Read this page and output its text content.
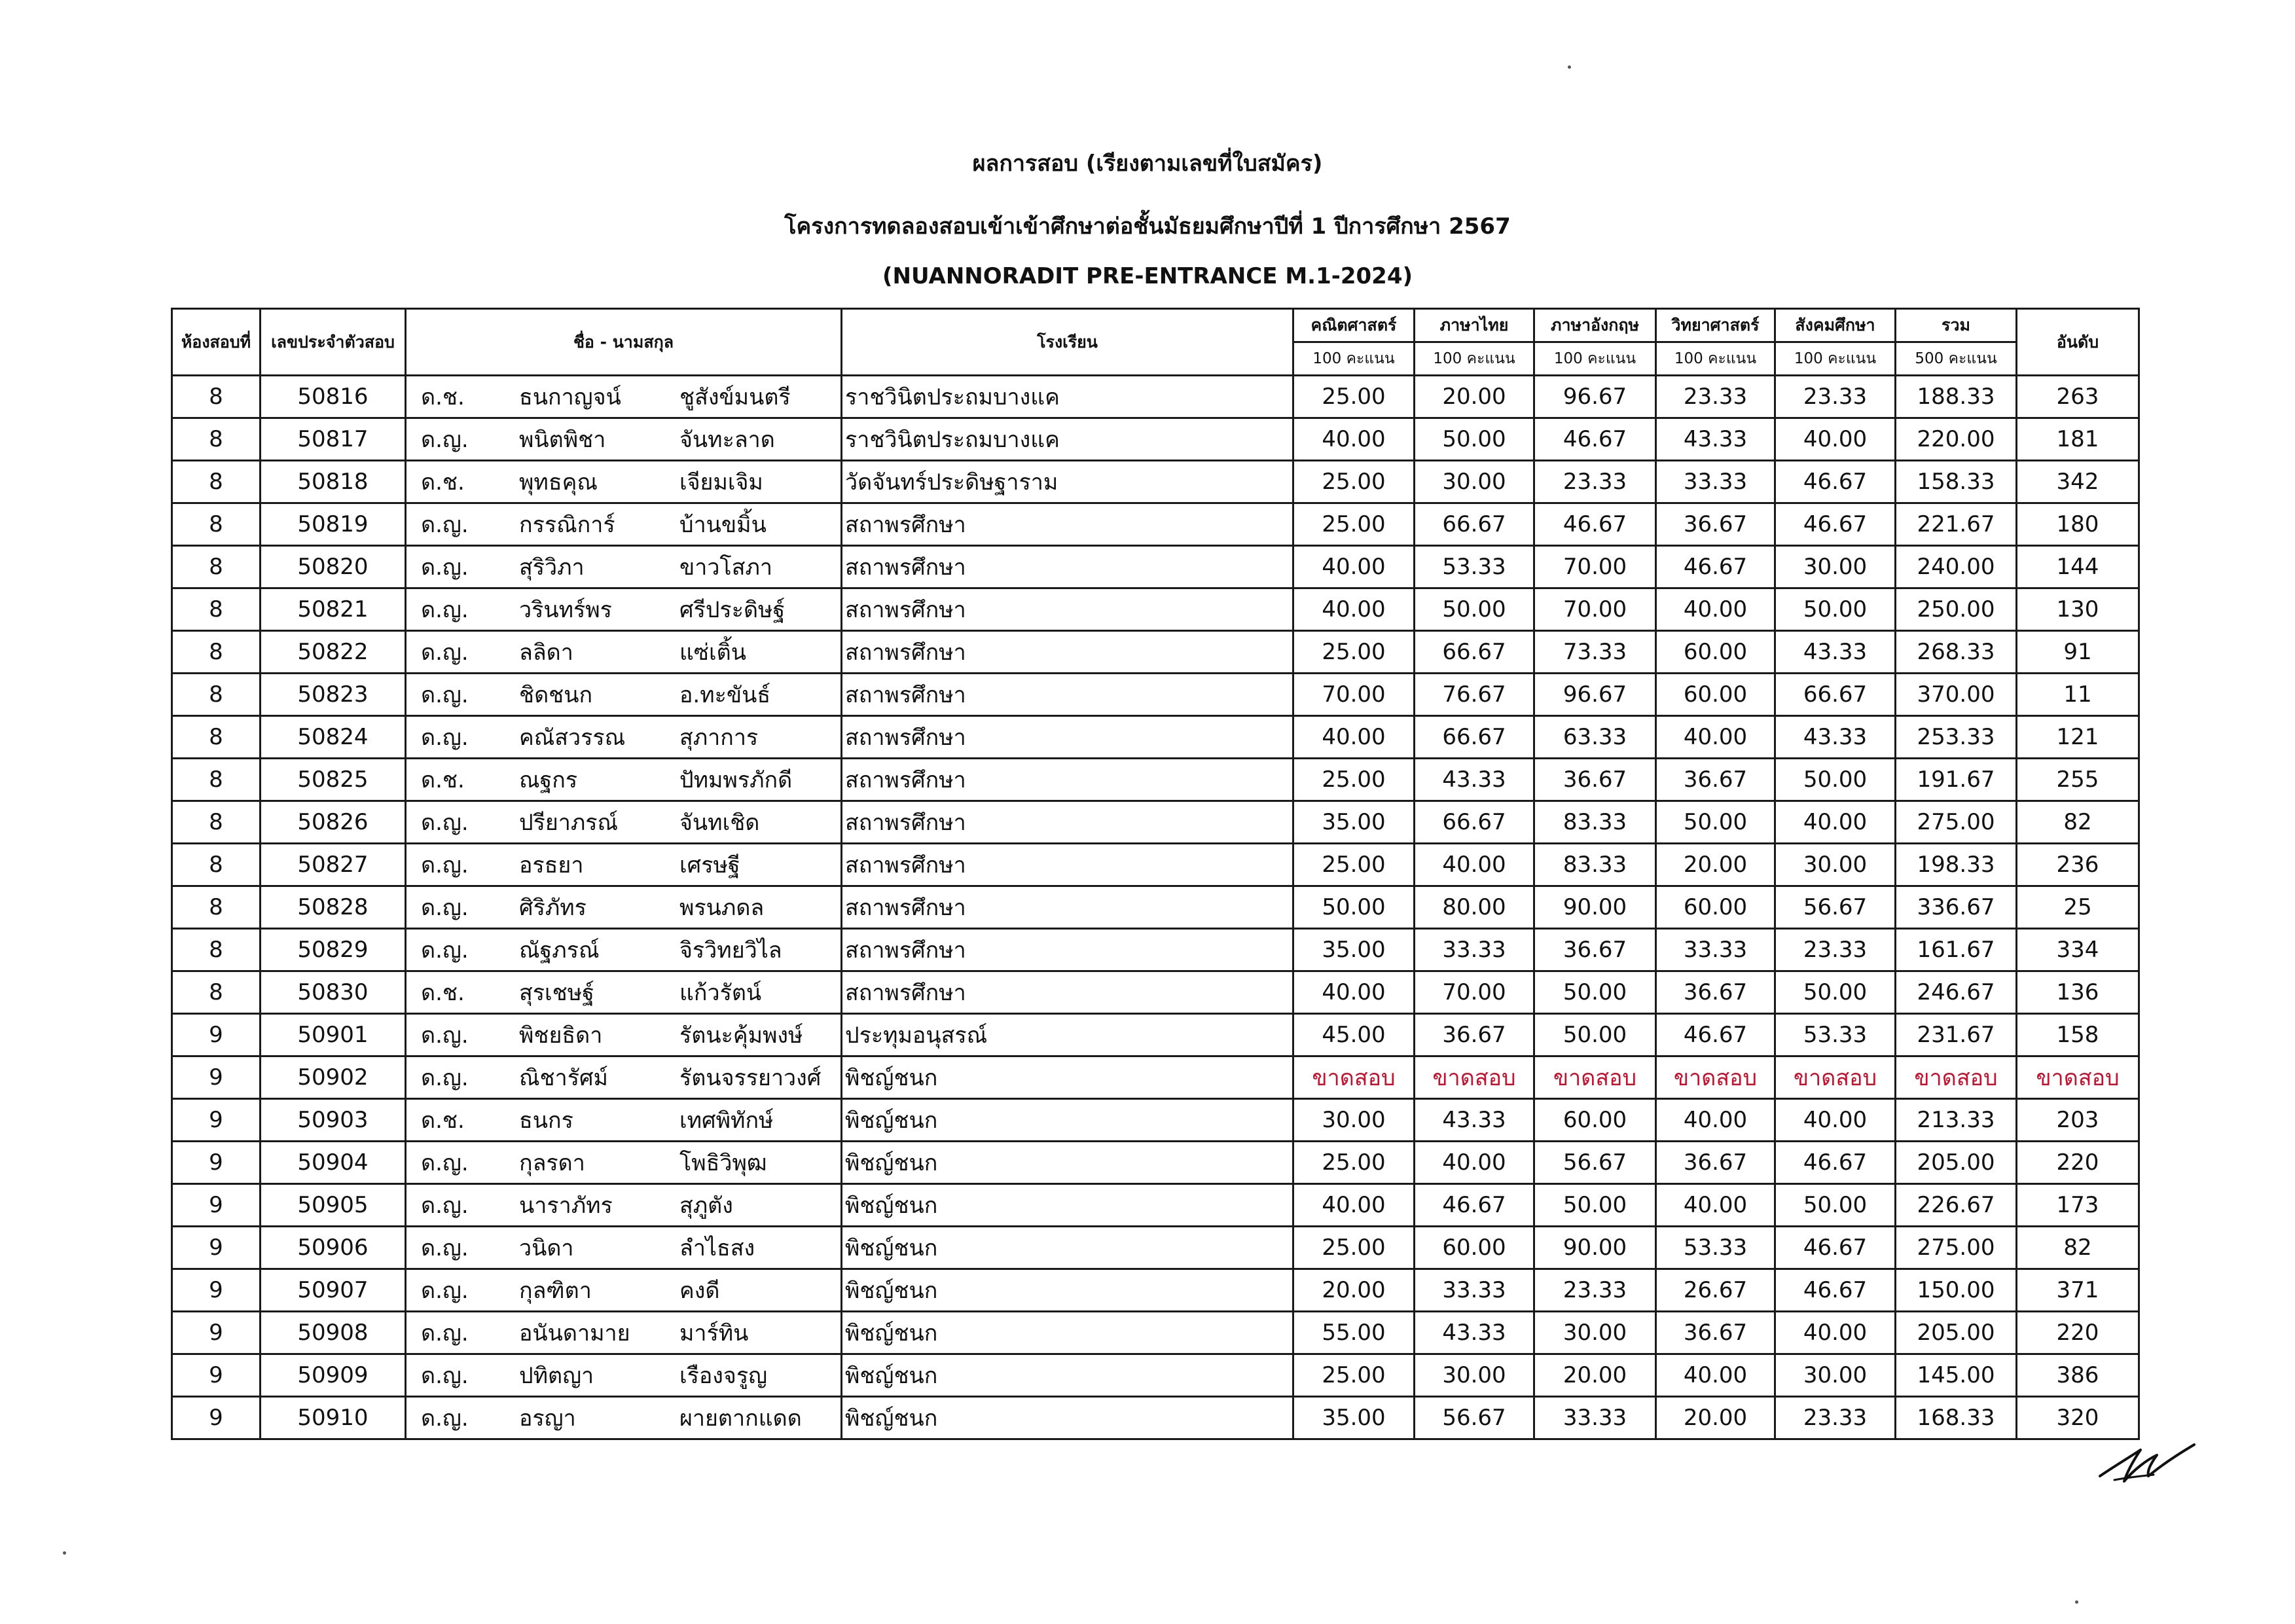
ผลการสอบ (เรียงตามเลขที่ใบสมัคร)
โครงการทดลองสอบเข้าเข้าศึกษาต่อชั้นมัธยมศึกษาปีที่ 1 ปีการศึกษา 2567
(NUANNORADIT PRE-ENTRANCE M.1-2024)
ห้องสอบที่	เลขประจำตัวสอบ	ชื่อ - นามสกุล	โรงเรียน	คณิตศาสตร์	ภาษาไทย	ภาษาอังกฤษ	วิทยาศาสตร์	สังคมศึกษา	รวม	อันดับ
				100 คะแนน	100 คะแนน	100 คะแนน	100 คะแนน	100 คะแนน	500 คะแนน	
8	50816	ด.ช. ธนกาญจน์ ชูสังข์มนตรี	ราชวินิตประถมบางแค	25.00	20.00	96.67	23.33	23.33	188.33	263
8	50817	ด.ญ. พนิตพิชา จันทะลาด	ราชวินิตประถมบางแค	40.00	50.00	46.67	43.33	40.00	220.00	181
8	50818	ด.ช. พุทธคุณ เจียมเจิม	วัดจันทร์ประดิษฐาราม	25.00	30.00	23.33	33.33	46.67	158.33	342
8	50819	ด.ญ. กรรณิการ์ บ้านขมิ้น	สถาพรศึกษา	25.00	66.67	46.67	36.67	46.67	221.67	180
8	50820	ด.ญ. สุริวิภา ขาวโสภา	สถาพรศึกษา	40.00	53.33	70.00	46.67	30.00	240.00	144
8	50821	ด.ญ. วรินทร์พร ศรีประดิษฐ์	สถาพรศึกษา	40.00	50.00	70.00	40.00	50.00	250.00	130
8	50822	ด.ญ. ลลิดา แซ่เติ้น	สถาพรศึกษา	25.00	66.67	73.33	60.00	43.33	268.33	91
8	50823	ด.ญ. ชิดชนก อ.ทะขันธ์	สถาพรศึกษา	70.00	76.67	96.67	60.00	66.67	370.00	11
8	50824	ด.ญ. คณัสวรรณ สุภาการ	สถาพรศึกษา	40.00	66.67	63.33	40.00	43.33	253.33	121
8	50825	ด.ช. ณฐกร ปัทมพรภักดี	สถาพรศึกษา	25.00	43.33	36.67	36.67	50.00	191.67	255
8	50826	ด.ญ. ปรียาภรณ์ จันทเชิด	สถาพรศึกษา	35.00	66.67	83.33	50.00	40.00	275.00	82
8	50827	ด.ญ. อรธยา เศรษฐี	สถาพรศึกษา	25.00	40.00	83.33	20.00	30.00	198.33	236
8	50828	ด.ญ. ศิริภัทร พรนภดล	สถาพรศึกษา	50.00	80.00	90.00	60.00	56.67	336.67	25
8	50829	ด.ญ. ณัฐภรณ์ จิรวิทยวิไล	สถาพรศึกษา	35.00	33.33	36.67	33.33	23.33	161.67	334
8	50830	ด.ช. สุรเชษฐ์ แก้วรัตน์	สถาพรศึกษา	40.00	70.00	50.00	36.67	50.00	246.67	136
9	50901	ด.ญ. พิชยธิดา รัตนะคุ้มพงษ์	ประทุมอนุสรณ์	45.00	36.67	50.00	46.67	53.33	231.67	158
9	50902	ด.ญ. ณิชารัศม์ รัตนจรรยาวงศ์	พิชญ์ชนก	ขาดสอบ	ขาดสอบ	ขาดสอบ	ขาดสอบ	ขาดสอบ	ขาดสอบ	ขาดสอบ
9	50903	ด.ช. ธนกร เทศพิทักษ์	พิชญ์ชนก	30.00	43.33	60.00	40.00	40.00	213.33	203
9	50904	ด.ญ. กุลรดา โพธิวิพุฒ	พิชญ์ชนก	25.00	40.00	56.67	36.67	46.67	205.00	220
9	50905	ด.ญ. นาราภัทร สุภูตัง	พิชญ์ชนก	40.00	46.67	50.00	40.00	50.00	226.67	173
9	50906	ด.ญ. วนิดา ลำไธสง	พิชญ์ชนก	25.00	60.00	90.00	53.33	46.67	275.00	82
9	50907	ด.ญ. กุลฑิตา คงดี	พิชญ์ชนก	20.00	33.33	23.33	26.67	46.67	150.00	371
9	50908	ด.ญ. อนันดามาย มาร์ทิน	พิชญ์ชนก	55.00	43.33	30.00	36.67	40.00	205.00	220
9	50909	ด.ญ. ปทิตญา เรืองจรูญ	พิชญ์ชนก	25.00	30.00	20.00	40.00	30.00	145.00	386
9	50910	ด.ญ. อรญา ผายตากแดด	พิชญ์ชนก	35.00	56.67	33.33	20.00	23.33	168.33	320
